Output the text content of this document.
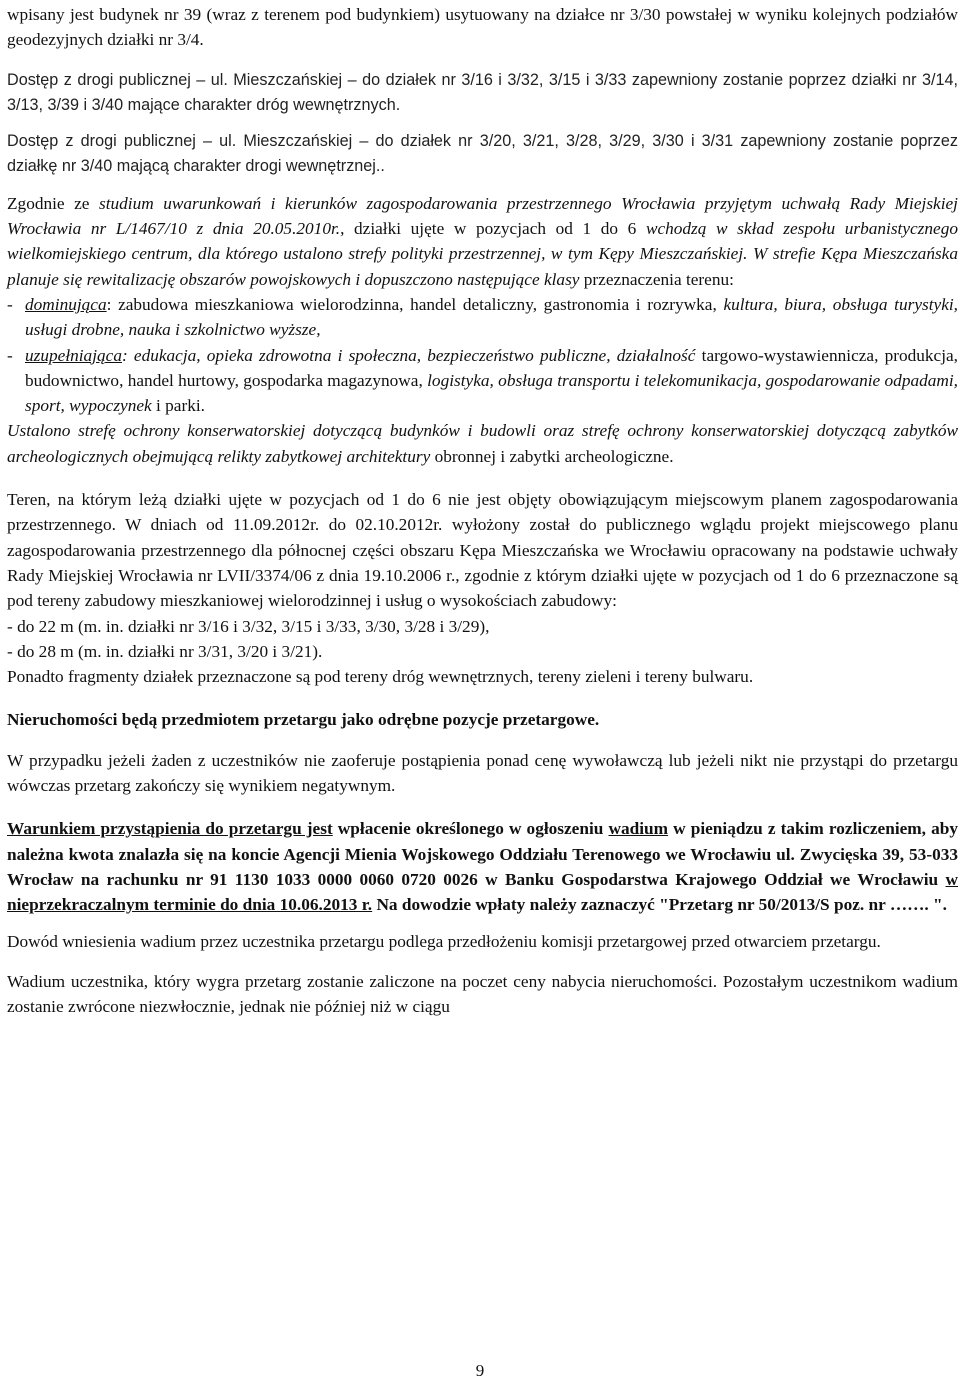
wpisany jest budynek nr 39 (wraz z terenem pod budynkiem) usytuowany na działce nr 3/30 powstałej w wyniku kolejnych podziałów geodezyjnych działki nr 3/4.

Dostęp z drogi publicznej – ul. Mieszczańskiej – do działek nr 3/16 i 3/32, 3/15 i 3/33 zapewniony zostanie poprzez działki nr 3/14, 3/13, 3/39 i 3/40 mające charakter dróg wewnętrznych.

Dostęp z drogi publicznej – ul. Mieszczańskiej – do działek nr 3/20, 3/21, 3/28, 3/29, 3/30 i 3/31 zapewniony zostanie poprzez działkę nr 3/40 mającą charakter drogi wewnętrznej..

Zgodnie ze studium uwarunkowań i kierunków zagospodarowania przestrzennego Wrocławia przyjętym uchwałą Rady Miejskiej Wrocławia nr L/1467/10 z dnia 20.05.2010r., działki ujęte w pozycjach od 1 do 6 wchodzą w skład zespołu urbanistycznego wielkomiejskiego centrum, dla którego ustalono strefy polityki przestrzennej, w tym Kępy Mieszczańskiej. W strefie Kępa Mieszczańska planuje się rewitalizację obszarów powojskowych i dopuszczono następujące klasy przeznaczenia terenu:
- dominująca: zabudowa mieszkaniowa wielorodzinna, handel detaliczny, gastronomia i rozrywka, kultura, biura, obsługa turystyki, usługi drobne, nauka i szkolnictwo wyższe,
- uzupełniająca: edukacja, opieka zdrowotna i społeczna, bezpieczeństwo publiczne, działalność targowo-wystawiennicza, produkcja, budownictwo, handel hurtowy, gospodarka magazynowa, logistyka, obsługa transportu i telekomunikacja, gospodarowanie odpadami, sport, wypoczynek i parki.
Ustalono strefę ochrony konserwatorskiej dotyczącą budynków i budowli oraz strefę ochrony konserwatorskiej dotyczącą zabytków archeologicznych obejmującą relikty zabytkowej architektury obronnej i zabytki archeologiczne.
Teren, na którym leżą działki ujęte w pozycjach od 1 do 6 nie jest objęty obowiązującym miejscowym planem zagospodarowania przestrzennego. W dniach od 11.09.2012r. do 02.10.2012r. wyłożony został do publicznego wglądu projekt miejscowego planu zagospodarowania przestrzennego dla północnej części obszaru Kępa Mieszczańska we Wrocławiu opracowany na podstawie uchwały Rady Miejskiej Wrocławia nr LVII/3374/06 z dnia 19.10.2006 r., zgodnie z którym działki ujęte w pozycjach od 1 do 6 przeznaczone są pod tereny zabudowy mieszkaniowej wielorodzinnej i usług o wysokościach zabudowy:
- do 22 m (m. in. działki nr 3/16 i 3/32, 3/15 i 3/33, 3/30, 3/28 i 3/29),
- do 28 m (m. in. działki nr 3/31, 3/20 i 3/21).
Ponadto fragmenty działek przeznaczone są pod tereny dróg wewnętrznych, tereny zieleni i tereny bulwaru.

Nieruchomości będą przedmiotem przetargu jako odrębne pozycje przetargowe.

W przypadku jeżeli żaden z uczestników nie zaoferuje postąpienia ponad cenę wywoławczą lub jeżeli nikt nie przystąpi do przetargu wówczas przetarg zakończy się wynikiem negatywnym.

Warunkiem przystąpienia do przetargu jest wpłacenie określonego w ogłoszeniu wadium w pieniądzu z takim rozliczeniem, aby należna kwota znalazła się na koncie Agencji Mienia Wojskowego Oddziału Terenowego we Wrocławiu ul. Zwycięska 39, 53-033 Wrocław na rachunku nr 91 1130 1033 0000 0060 0720 0026 w Banku Gospodarstwa Krajowego Oddział we Wrocławiu w nieprzekraczalnym terminie do dnia 10.06.2013 r. Na dowodzie wpłaty należy zaznaczyć "Przetarg nr 50/2013/S poz. nr ……. ".

Dowód wniesienia wadium przez uczestnika przetargu podlega przedłożeniu komisji przetargowej przed otwarciem przetargu.

Wadium uczestnika, który wygra przetarg zostanie zaliczone na poczet ceny nabycia nieruchomości. Pozostałym uczestnikom wadium zostanie zwrócone niezwłocznie, jednak nie później niż w ciągu

9
